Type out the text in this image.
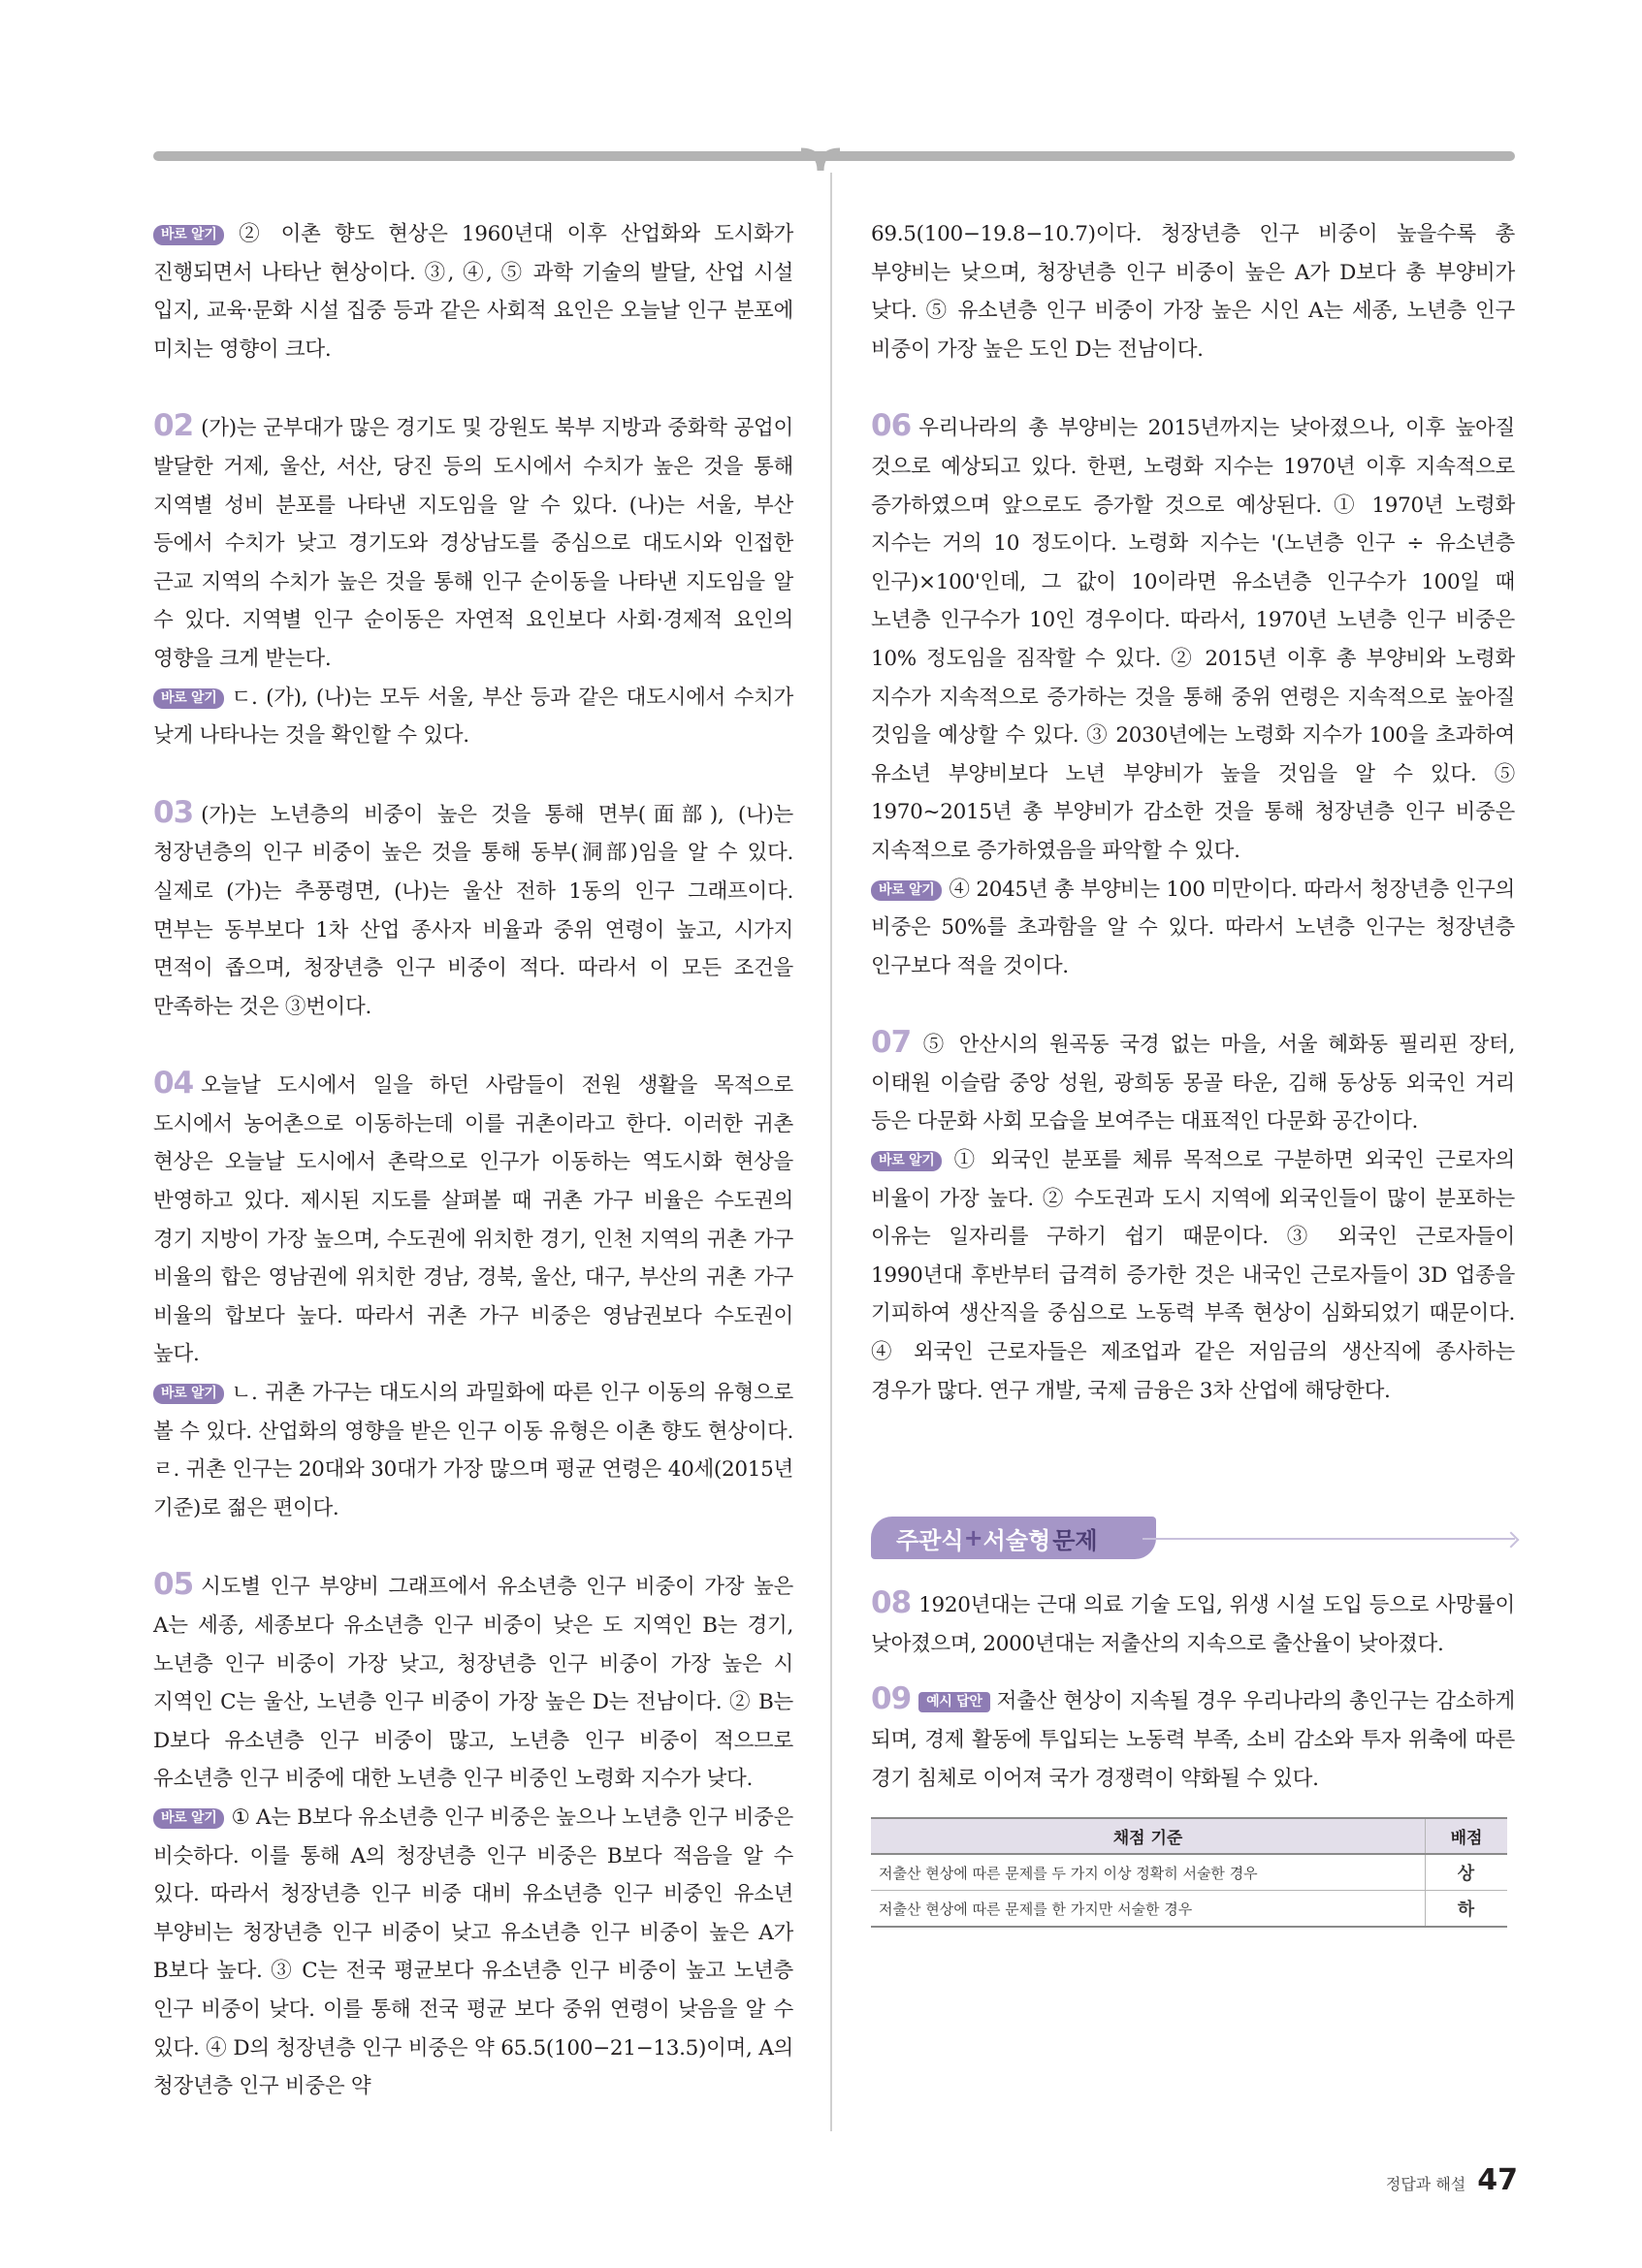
바로 알기 ② 이촌 향도 현상은 1960년대 이후 산업화와 도시화가 진행되면서 나타난 현상이다. ③, ④, ⑤ 과학 기술의 발달, 산업 시설 입지, 교육·문화 시설 집중 등과 같은 사회적 요인은 오늘날 인구 분포에 미치는 영향이 크다.

02 (가)는 군부대가 많은 경기도 및 강원도 북부 지방과 중화학 공업이 발달한 거제, 울산, 서산, 당진 등의 도시에서 수치가 높은 것을 통해 지역별 성비 분포를 나타낸 지도임을 알 수 있다. (나)는 서울, 부산 등에서 수치가 낮고 경기도와 경상남도를 중심으로 대도시와 인접한 근교 지역의 수치가 높은 것을 통해 인구 순이동을 나타낸 지도임을 알 수 있다. 지역별 인구 순이동은 자연적 요인보다 사회·경제적 요인의 영향을 크게 받는다.

바로 알기 ㄷ. (가), (나)는 모두 서울, 부산 등과 같은 대도시에서 수치가 낮게 나타나는 것을 확인할 수 있다.

03 (가)는 노년층의 비중이 높은 것을 통해 면부(面部), (나)는 청장년층의 인구 비중이 높은 것을 통해 동부(洞部)임을 알 수 있다. 실제로 (가)는 추풍령면, (나)는 울산 전하 1동의 인구 그래프이다. 면부는 동부보다 1차 산업 종사자 비율과 중위 연령이 높고, 시가지 면적이 좁으며, 청장년층 인구 비중이 적다. 따라서 이 모든 조건을 만족하는 것은 ③번이다.

04 오늘날 도시에서 일을 하던 사람들이 전원 생활을 목적으로 도시에서 농어촌으로 이동하는데 이를 귀촌이라고 한다. 이러한 귀촌 현상은 오늘날 도시에서 촌락으로 인구가 이동하는 역도시화 현상을 반영하고 있다. 제시된 지도를 살펴볼 때 귀촌 가구 비율은 수도권의 경기 지방이 가장 높으며, 수도권에 위치한 경기, 인천 지역의 귀촌 가구 비율의 합은 영남권에 위치한 경남, 경북, 울산, 대구, 부산의 귀촌 가구 비율의 합보다 높다. 따라서 귀촌 가구 비중은 영남권보다 수도권이 높다.

바로 알기 ㄴ. 귀촌 가구는 대도시의 과밀화에 따른 인구 이동의 유형으로 볼 수 있다. 산업화의 영향을 받은 인구 이동 유형은 이촌 향도 현상이다. ㄹ. 귀촌 인구는 20대와 30대가 가장 많으며 평균 연령은 40세(2015년 기준)로 젊은 편이다.

05 시도별 인구 부양비 그래프에서 유소년층 인구 비중이 가장 높은 A는 세종, 세종보다 유소년층 인구 비중이 낮은 도 지역인 B는 경기, 노년층 인구 비중이 가장 낮고, 청장년층 인구 비중이 가장 높은 시 지역인 C는 울산, 노년층 인구 비중이 가장 높은 D는 전남이다. ② B는 D보다 유소년층 인구 비중이 많고, 노년층 인구 비중이 적으므로 유소년층 인구 비중에 대한 노년층 인구 비중인 노령화 지수가 낮다.

바로 알기 ① A는 B보다 유소년층 인구 비중은 높으나 노년층 인구 비중은 비슷하다. 이를 통해 A의 청장년층 인구 비중은 B보다 적음을 알 수 있다. 따라서 청장년층 인구 비중 대비 유소년층 인구 비중인 유소년 부양비는 청장년층 인구 비중이 낮고 유소년층 인구 비중이 높은 A가 B보다 높다. ③ C는 전국 평균보다 유소년층 인구 비중이 높고 노년층 인구 비중이 낮다. 이를 통해 전국 평균 보다 중위 연령이 낮음을 알 수 있다. ④ D의 청장년층 인구 비중은 약 65.5(100−21−13.5)이며, A의 청장년층 인구 비중은 약

69.5(100−19.8−10.7)이다. 청장년층 인구 비중이 높을수록 총 부양비는 낮으며, 청장년층 인구 비중이 높은 A가 D보다 총 부양비가 낮다. ⑤ 유소년층 인구 비중이 가장 높은 시인 A는 세종, 노년층 인구 비중이 가장 높은 도인 D는 전남이다.

06 우리나라의 총 부양비는 2015년까지는 낮아졌으나, 이후 높아질 것으로 예상되고 있다. 한편, 노령화 지수는 1970년 이후 지속적으로 증가하였으며 앞으로도 증가할 것으로 예상된다. ① 1970년 노령화 지수는 거의 10 정도이다. 노령화 지수는 '(노년층 인구 ÷ 유소년층 인구)×100'인데, 그 값이 10이라면 유소년층 인구수가 100일 때 노년층 인구수가 10인 경우이다. 따라서, 1970년 노년층 인구 비중은 10% 정도임을 짐작할 수 있다. ② 2015년 이후 총 부양비와 노령화 지수가 지속적으로 증가하는 것을 통해 중위 연령은 지속적으로 높아질 것임을 예상할 수 있다. ③ 2030년에는 노령화 지수가 100을 초과하여 유소년 부양비보다 노년 부양비가 높을 것임을 알 수 있다. ⑤ 1970~2015년 총 부양비가 감소한 것을 통해 청장년층 인구 비중은 지속적으로 증가하였음을 파악할 수 있다.

바로 알기 ④ 2045년 총 부양비는 100 미만이다. 따라서 청장년층 인구의 비중은 50%를 초과함을 알 수 있다. 따라서 노년층 인구는 청장년층 인구보다 적을 것이다.

07 ⑤ 안산시의 원곡동 국경 없는 마을, 서울 혜화동 필리핀 장터, 이태원 이슬람 중앙 성원, 광희동 몽골 타운, 김해 동상동 외국인 거리 등은 다문화 사회 모습을 보여주는 대표적인 다문화 공간이다.

바로 알기 ① 외국인 분포를 체류 목적으로 구분하면 외국인 근로자의 비율이 가장 높다. ② 수도권과 도시 지역에 외국인들이 많이 분포하는 이유는 일자리를 구하기 쉽기 때문이다. ③ 외국인 근로자들이 1990년대 후반부터 급격히 증가한 것은 내국인 근로자들이 3D 업종을 기피하여 생산직을 중심으로 노동력 부족 현상이 심화되었기 때문이다. ④ 외국인 근로자들은 제조업과 같은 저임금의 생산직에 종사하는 경우가 많다. 연구 개발, 국제 금융은 3차 산업에 해당한다.

주관식 + 서술형 문제

08 1920년대는 근대 의료 기술 도입, 위생 시설 도입 등으로 사망률이 낮아졌으며, 2000년대는 저출산의 지속으로 출산율이 낮아졌다.

09 예시 답안 저출산 현상이 지속될 경우 우리나라의 총인구는 감소하게 되며, 경제 활동에 투입되는 노동력 부족, 소비 감소와 투자 위축에 따른 경기 침체로 이어져 국가 경쟁력이 약화될 수 있다.

채점 기준	배점
저출산 현상에 따른 문제를 두 가지 이상 정확히 서술한 경우	상
저출산 현상에 따른 문제를 한 가지만 서술한 경우	하
정답과 해설 47
